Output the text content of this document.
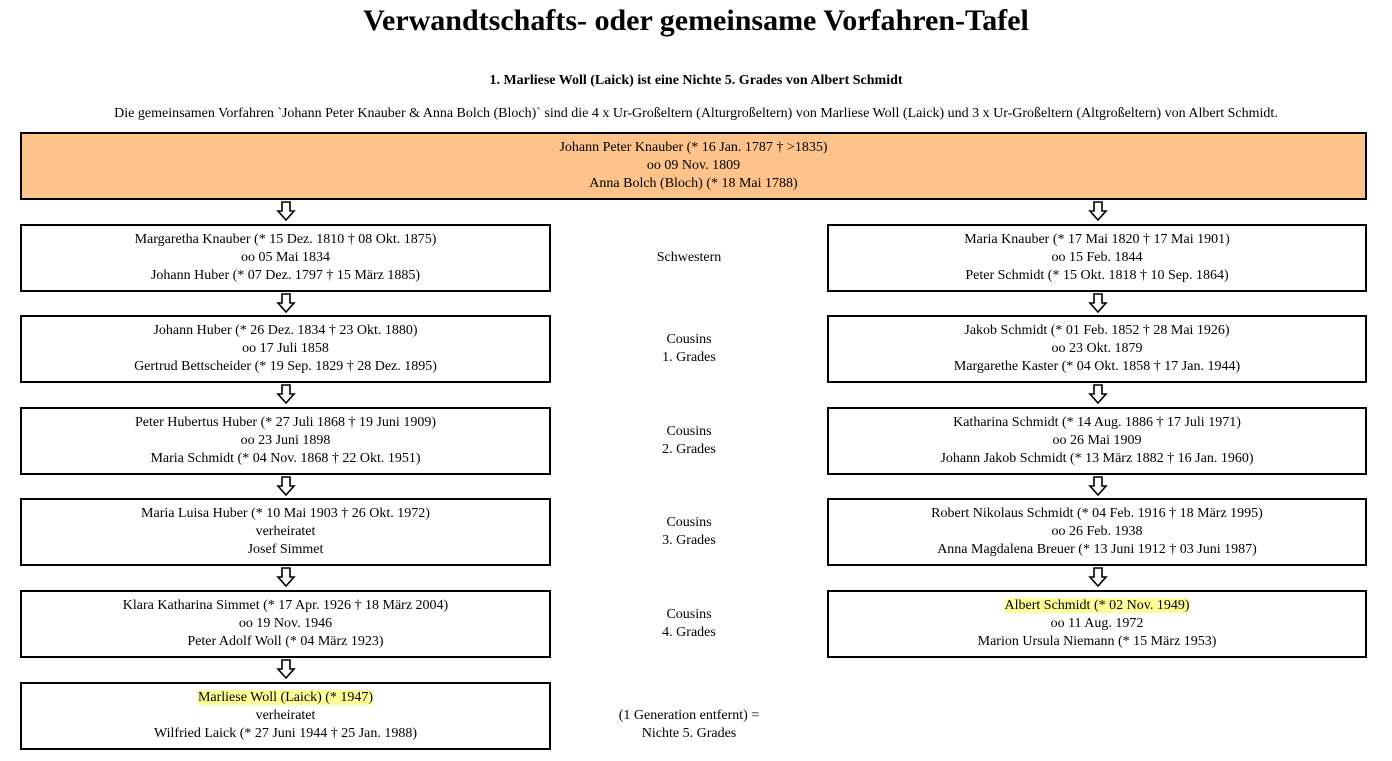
Verwandtschafts- oder gemeinsame Vorfahren-Tafel
1. Marliese Woll (Laick) ist eine Nichte 5. Grades von Albert Schmidt
Die gemeinsamen Vorfahren `Johann Peter Knauber & Anna Bolch (Bloch)` sind die 4 x Ur-Großeltern (Alturgroßeltern) von Marliese Woll (Laick) und 3 x Ur-Großeltern (Altgroßeltern) von Albert Schmidt.
Johann Peter Knauber (* 16 Jan. 1787 † >1835)
oo 09 Nov. 1809
Anna Bolch (Bloch) (* 18 Mai 1788)
Margaretha Knauber (* 15 Dez. 1810 † 08 Okt. 1875)
oo 05 Mai 1834
Johann Huber (* 07 Dez. 1797 † 15 März 1885)
Johann Huber (* 26 Dez. 1834 † 23 Okt. 1880)
oo 17 Juli 1858
Gertrud Bettscheider (* 19 Sep. 1829 † 28 Dez. 1895)
Peter Hubertus Huber (* 27 Juli 1868 † 19 Juni 1909)
oo 23 Juni 1898
Maria Schmidt (* 04 Nov. 1868 † 22 Okt. 1951)
Maria Luisa Huber (* 10 Mai 1903 † 26 Okt. 1972)
verheiratet
Josef Simmet
Klara Katharina Simmet (* 17 Apr. 1926 † 18 März 2004)
oo 19 Nov. 1946
Peter Adolf Woll (* 04 März 1923)
Marliese Woll (Laick) (* 1947)
verheiratet
Wilfried Laick (* 27 Juni 1944 † 25 Jan. 1988)
Maria Knauber (* 17 Mai 1820 † 17 Mai 1901)
oo 15 Feb. 1844
Peter Schmidt (* 15 Okt. 1818 † 10 Sep. 1864)
Jakob Schmidt (* 01 Feb. 1852 † 28 Mai 1926)
oo 23 Okt. 1879
Margarethe Kaster (* 04 Okt. 1858 † 17 Jan. 1944)
Katharina Schmidt (* 14 Aug. 1886 † 17 Juli 1971)
oo 26 Mai 1909
Johann Jakob Schmidt (* 13 März 1882 † 16 Jan. 1960)
Robert Nikolaus Schmidt (* 04 Feb. 1916 † 18 März 1995)
oo 26 Feb. 1938
Anna Magdalena Breuer (* 13 Juni 1912 † 03 Juni 1987)
Albert Schmidt (* 02 Nov. 1949)
oo 11 Aug. 1972
Marion Ursula Niemann (* 15 März 1953)
Schwestern
Cousins
1. Grades
Cousins
2. Grades
Cousins
3. Grades
Cousins
4. Grades
(1 Generation entfernt) =
Nichte 5. Grades
